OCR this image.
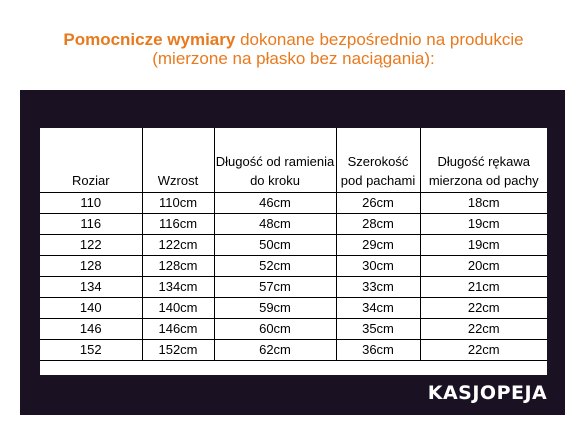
Pomocnicze wymiary dokonane bezpośrednio na produkcie
(mierzone na płasko bez naciągania):
Roziar	Wzrost	Długość od ramienia do kroku	Szerokość pod pachami	Długość rękawa mierzona od pachy
110	110cm	46cm	26cm	18cm
116	116cm	48cm	28cm	19cm
122	122cm	50cm	29cm	19cm
128	128cm	52cm	30cm	20cm
134	134cm	57cm	33cm	21cm
140	140cm	59cm	34cm	22cm
146	146cm	60cm	35cm	22cm
152	152cm	62cm	36cm	22cm
KASJOPEJA
